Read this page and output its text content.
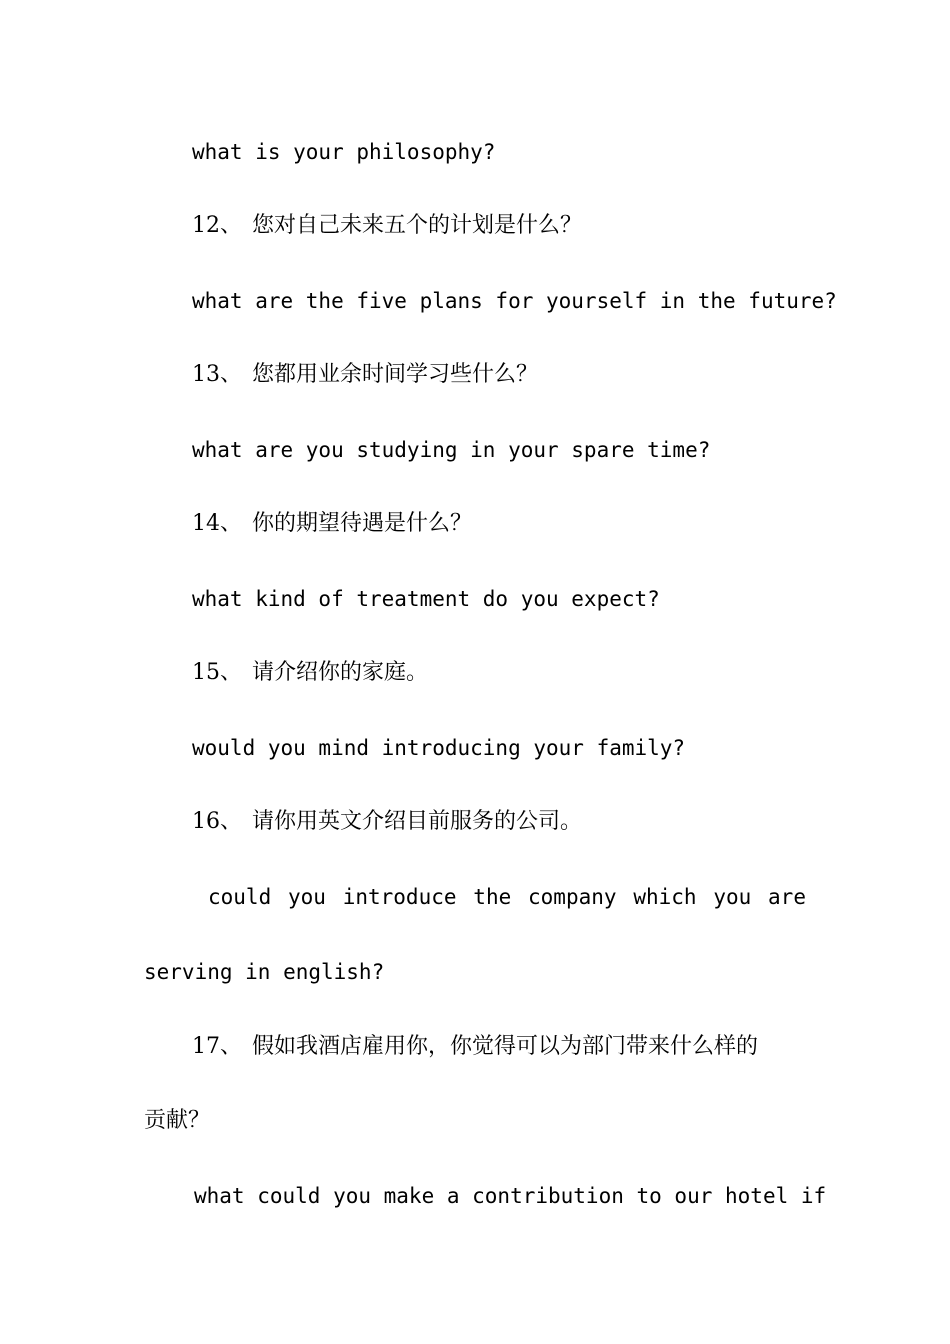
what is your philosophy?
12、 您对自己未来五个的计划是什么？
what are the five plans for yourself in the future?
13、 您都用业余时间学习些什么？
what are you studying in your spare time?
14、 你的期望待遇是什么？
what kind of treatment do you expect?
15、 请介绍你的家庭。
would you mind introducing your family?
16、 请你用英文介绍目前服务的公司。
could you introduce the company which you are
serving in english?
17、 假如我酒店雇用你，你觉得可以为部门带来什么样的
贡献？
what could you make a contribution to our hotel if
